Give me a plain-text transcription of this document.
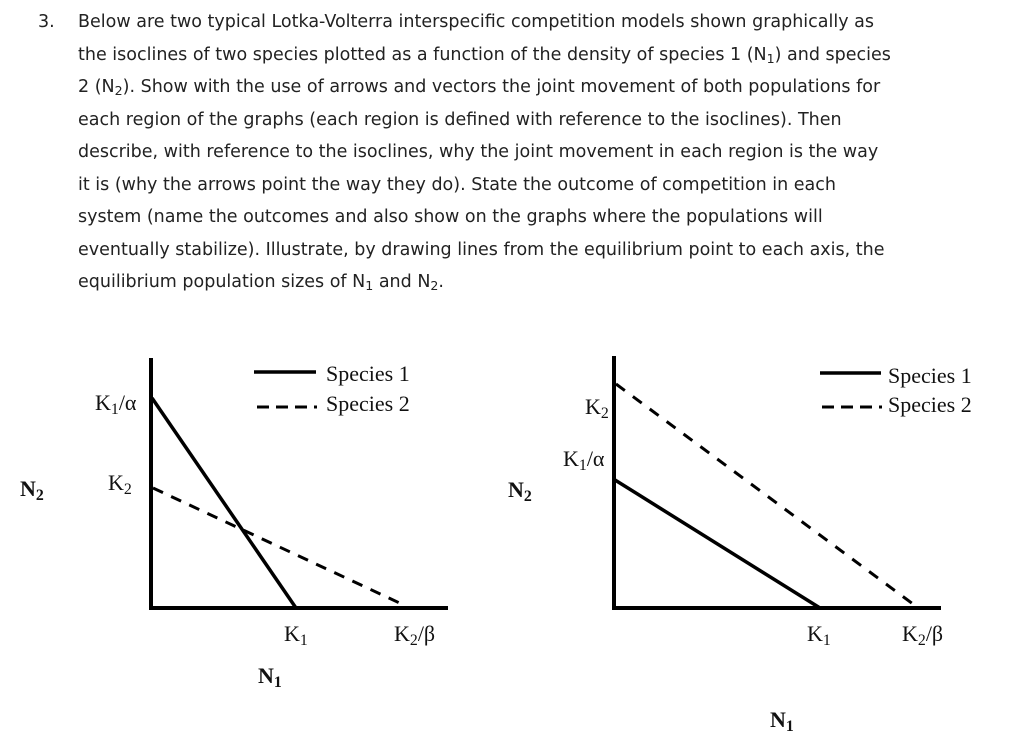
3. Below are two typical Lotka-Volterra interspecific competition models shown graphically as
the isoclines of two species plotted as a function of the density of species 1 $(N_1)$ and species
2 $(N_2)$. Show with the use of arrows and vectors the joint movement of both populations for
each region of the graphs (each region is defined with reference to the isoclines). Then
describe, with reference to the isoclines, why the joint movement in each region is the way
it is (why the arrows point the way they do). State the outcome of competition in each
system (name the outcomes and also show on the graphs where the populations will
eventually stabilize). Illustrate, by drawing lines from the equilibrium point to each axis, the
equilibrium population sizes of $N_1$ and $N_2$.
Species 1
Species 2
$K_1/\alpha$
$K_2$
$K_1$	$K_2/\beta$
$N_2$
$N_1$
Species 1
Species 2
$K_2$
$K_1/\alpha$
$K_1$	$K_2/\beta$
$N_2$
$N_1$
